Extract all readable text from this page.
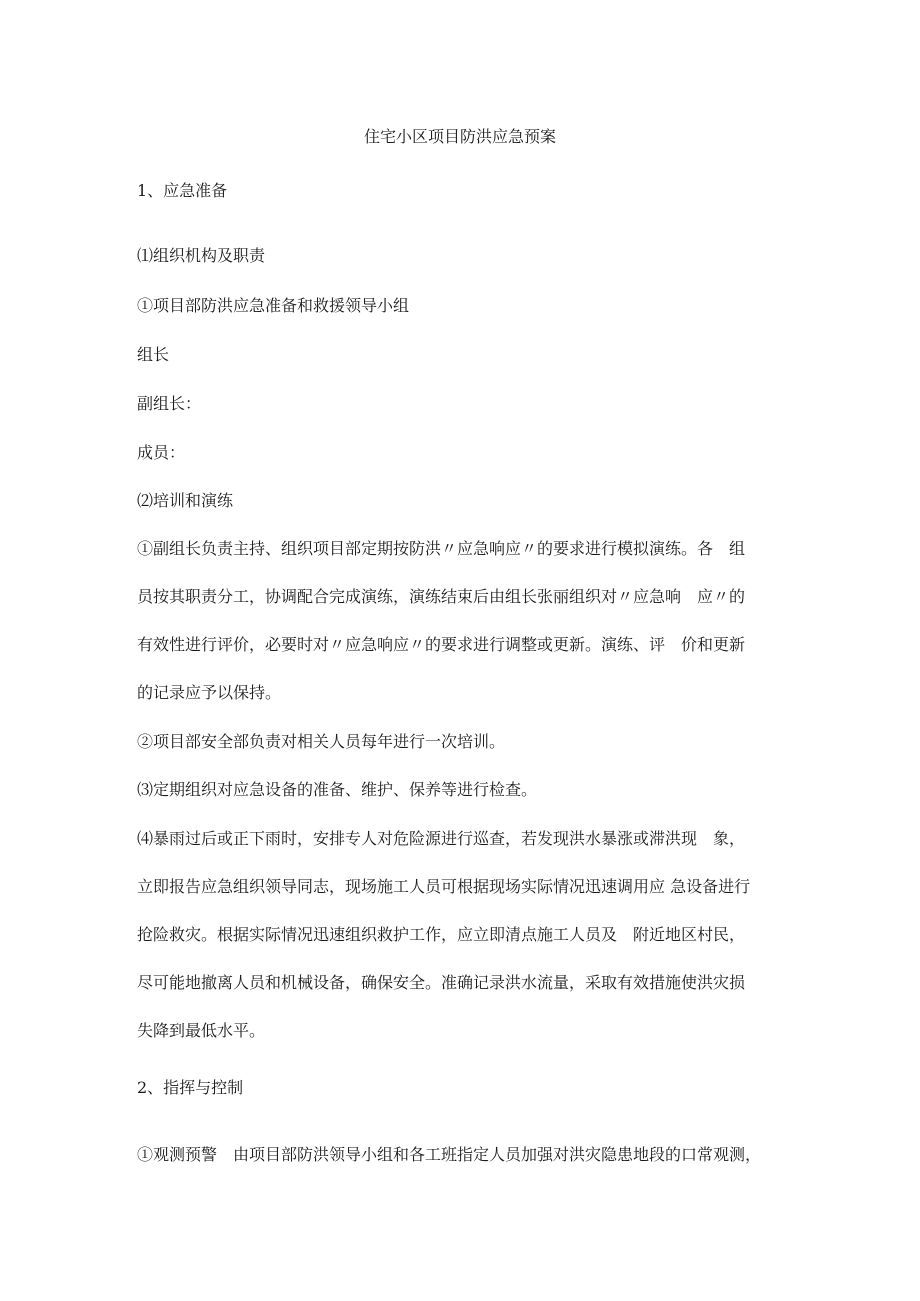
住宅小区项目防洪应急预案
1、应急准备
⑴组织机构及职责
①项目部防洪应急准备和救援领导小组
组长
副组长：
成员：
⑵培训和演练
①副组长负责主持、组织项目部定期按防洪〃应急响应〃的要求进行模拟演练。各　组
员按其职责分工，协调配合完成演练，演练结束后由组长张丽组织对〃应急响　应〃的
有效性进行评价，必要时对〃应急响应〃的要求进行调整或更新。演练、评　价和更新
的记录应予以保持。
②项目部安全部负责对相关人员每年进行一次培训。
⑶定期组织对应急设备的准备、维护、保养等进行检查。
⑷暴雨过后或正下雨时，安排专人对危险源进行巡查，若发现洪水暴涨或滞洪现　象，
立即报告应急组织领导同志，现场施工人员可根据现场实际情况迅速调用应 急设备进行
抢险救灾。根据实际情况迅速组织救护工作，应立即清点施工人员及　附近地区村民，
尽可能地撤离人员和机械设备，确保安全。准确记录洪水流量，采取有效措施使洪灾损
失降到最低水平。
2、指挥与控制
①观测预警　由项目部防洪领导小组和各工班指定人员加强对洪灾隐患地段的口常观测，
